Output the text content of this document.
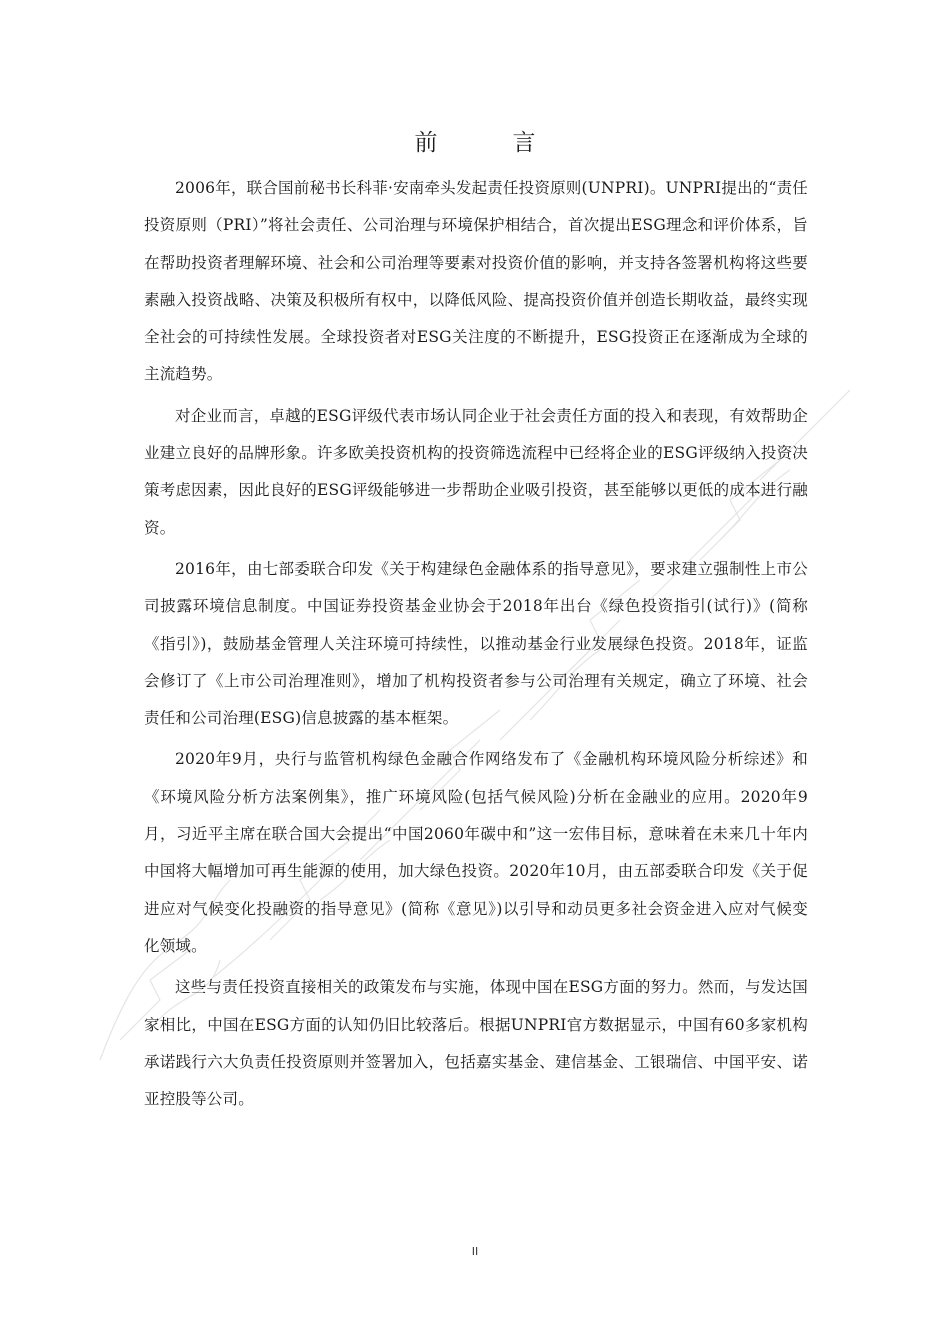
前　言

2006年，联合国前秘书长科菲·安南牵头发起责任投资原则(UNPRI)。UNPRI提出的“责任投资原则（PRI）”将社会责任、公司治理与环境保护相结合，首次提出ESG理念和评价体系，旨在帮助投资者理解环境、社会和公司治理等要素对投资价值的影响，并支持各签署机构将这些要素融入投资战略、决策及积极所有权中，以降低风险、提高投资价值并创造长期收益，最终实现全社会的可持续性发展。全球投资者对ESG关注度的不断提升，ESG投资正在逐渐成为全球的主流趋势。

对企业而言，卓越的ESG评级代表市场认同企业于社会责任方面的投入和表现，有效帮助企业建立良好的品牌形象。许多欧美投资机构的投资筛选流程中已经将企业的ESG评级纳入投资决策考虑因素，因此良好的ESG评级能够进一步帮助企业吸引投资，甚至能够以更低的成本进行融资。

2016年，由七部委联合印发《关于构建绿色金融体系的指导意见》，要求建立强制性上市公司披露环境信息制度。中国证券投资基金业协会于2018年出台《绿色投资指引(试行)》(简称《指引》)，鼓励基金管理人关注环境可持续性，以推动基金行业发展绿色投资。2018年，证监会修订了《上市公司治理准则》，增加了机构投资者参与公司治理有关规定，确立了环境、社会责任和公司治理(ESG)信息披露的基本框架。

2020年9月，央行与监管机构绿色金融合作网络发布了《金融机构环境风险分析综述》和《环境风险分析方法案例集》，推广环境风险(包括气候风险)分析在金融业的应用。2020年9月，习近平主席在联合国大会提出“中国2060年碳中和”这一宏伟目标，意味着在未来几十年内中国将大幅增加可再生能源的使用，加大绿色投资。2020年10月，由五部委联合印发《关于促进应对气候变化投融资的指导意见》(简称《意见》)以引导和动员更多社会资金进入应对气候变化领域。

这些与责任投资直接相关的政策发布与实施，体现中国在ESG方面的努力。然而，与发达国家相比，中国在ESG方面的认知仍旧比较落后。根据UNPRI官方数据显示，中国有60多家机构承诺践行六大负责任投资原则并签署加入，包括嘉实基金、建信基金、工银瑞信、中国平安、诺亚控股等公司。

II
